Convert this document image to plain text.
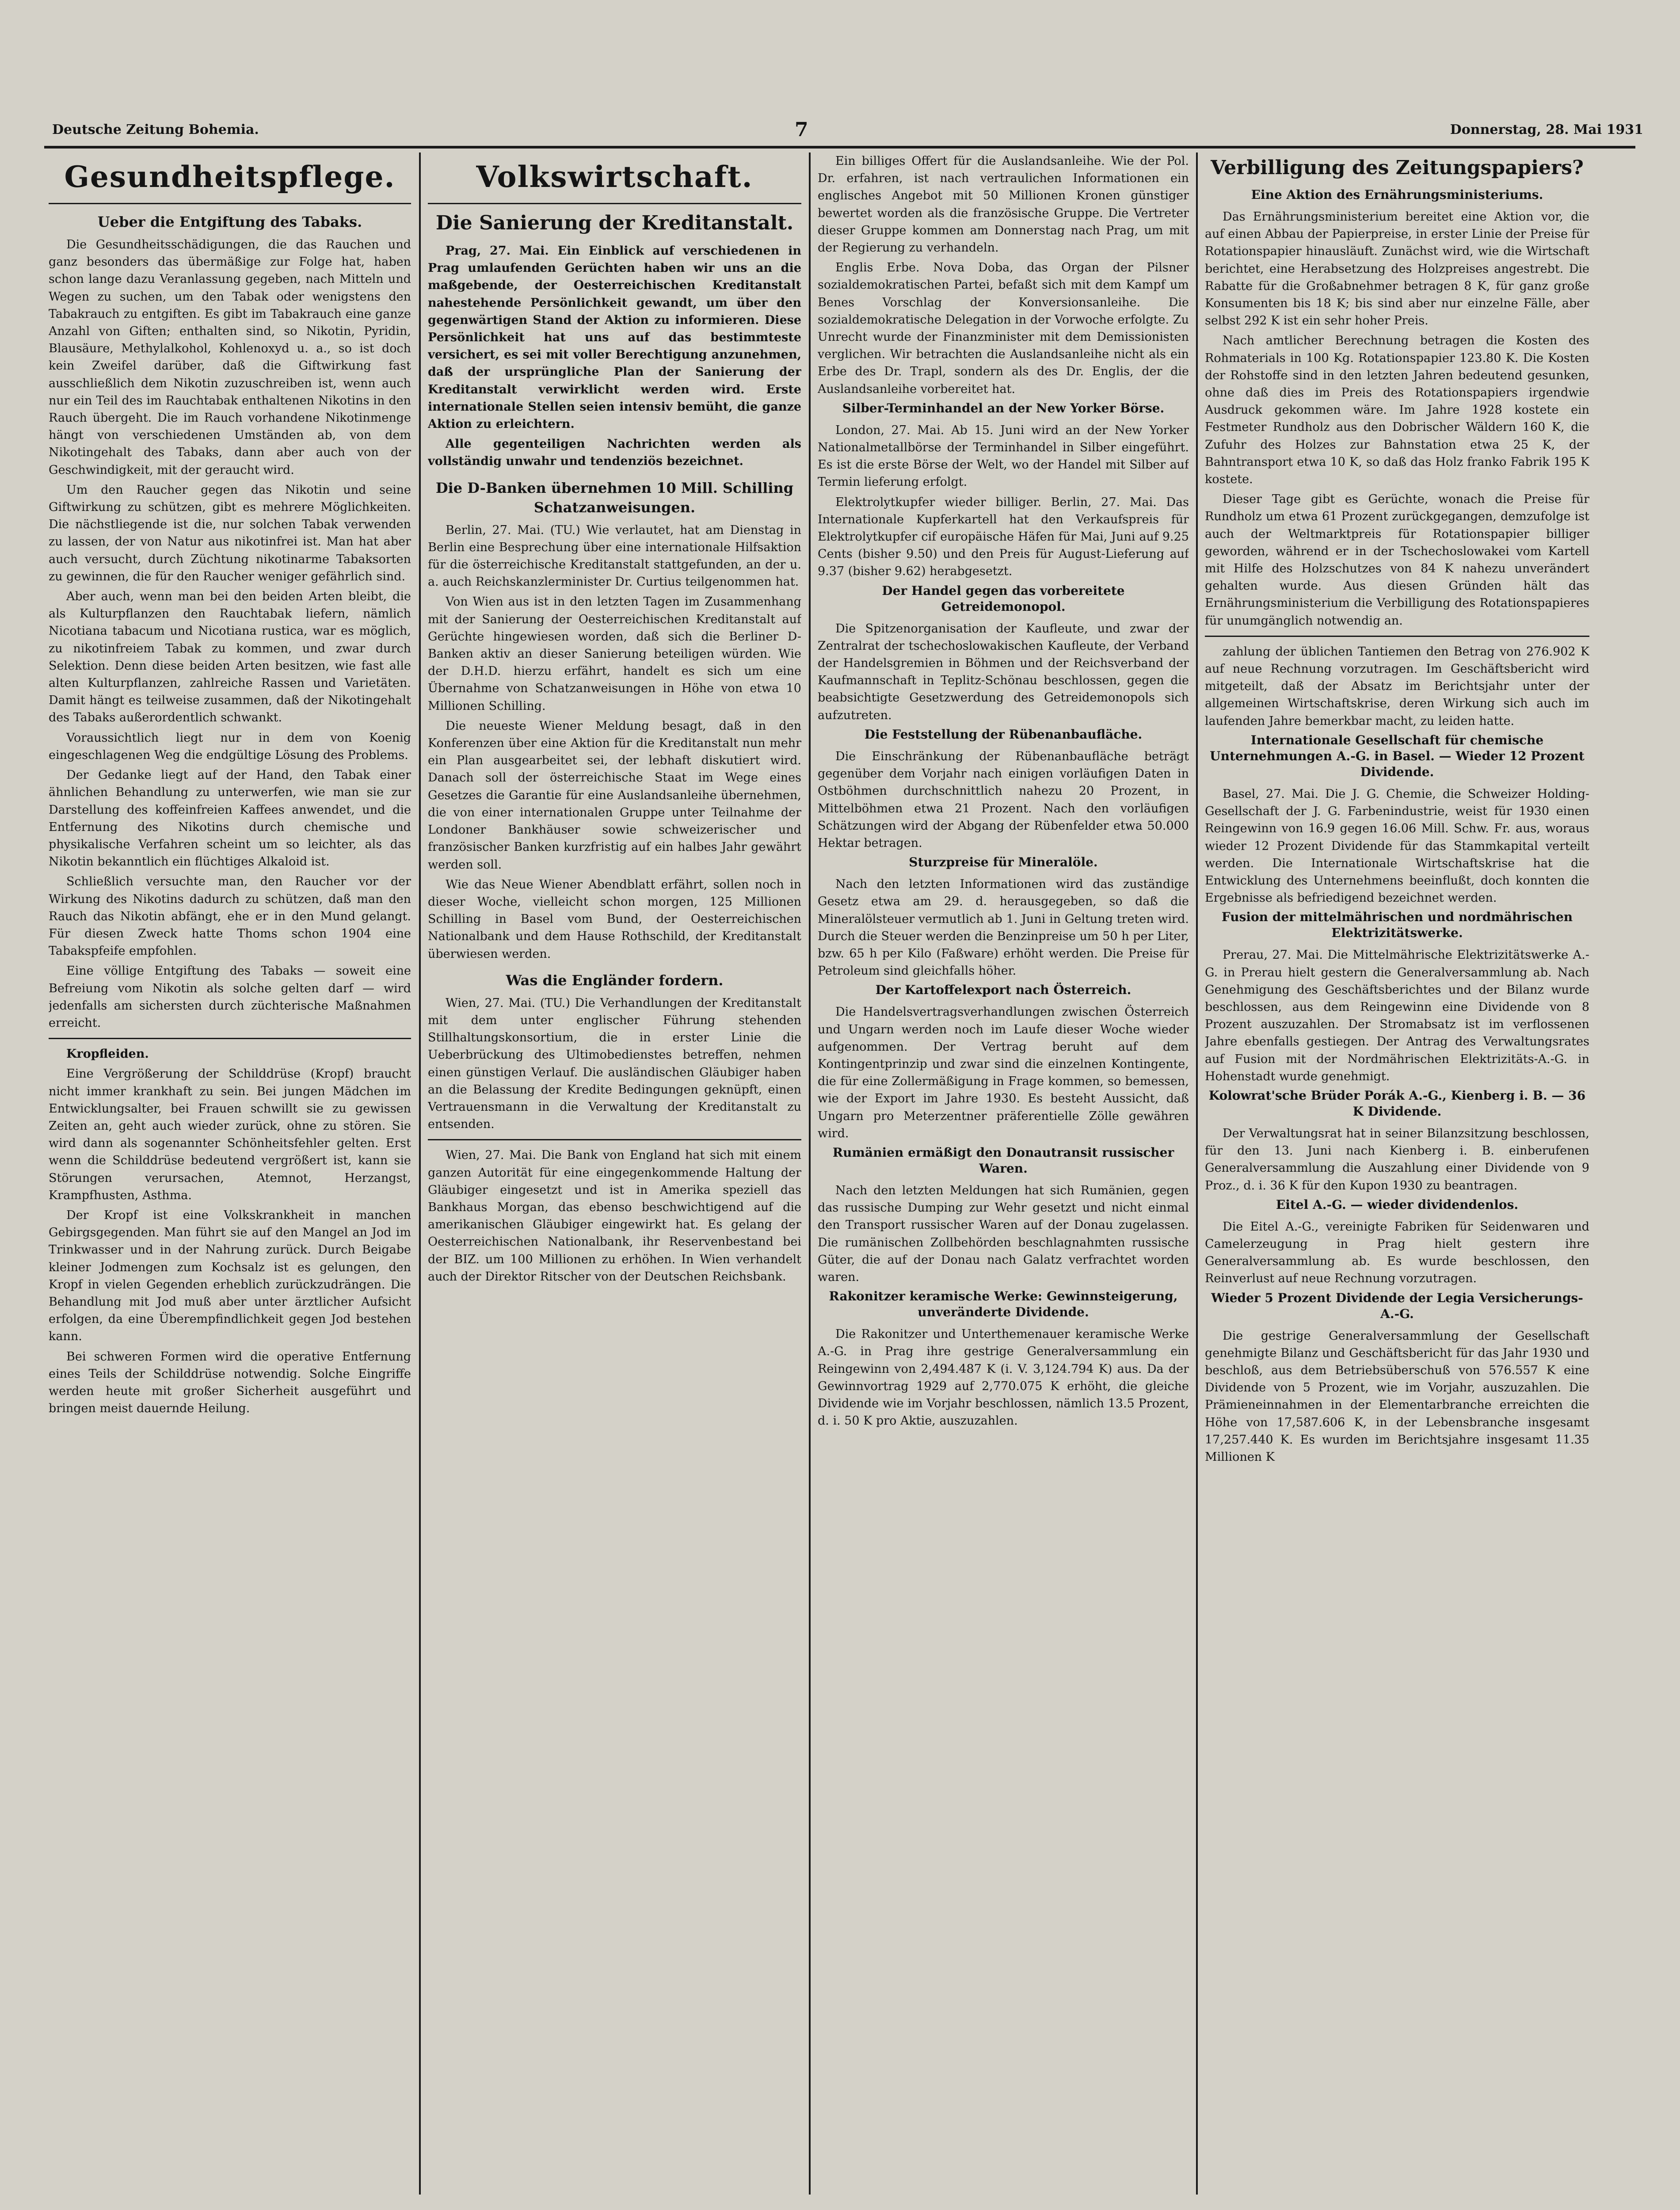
Deutsche Zeitung Bohemia.	7	Donnerstag, 28. Mai 1931
Gesundheitspflege.
Ueber die Entgiftung des Tabaks.

Die Gesundheitsschädigungen, die das Rauchen und ganz besonders das übermäßige zur Folge hat, haben schon lange dazu Veranlassung gegeben, nach Mitteln und Wegen zu suchen, um den Tabak oder wenigstens den Tabakrauch zu entgiften. Es gibt im Tabakrauch eine ganze Anzahl von Giften; enthalten sind, so Nikotin, Pyridin, Blausäure, Methylalkohol, Kohlenoxyd u. a., so ist doch kein Zweifel darüber, daß die Giftwirkung fast ausschließlich dem Nikotin zuzuschreiben ist, wenn auch nur ein Teil des im Rauchtabak enthaltenen Nikotins in den Rauch übergeht. Die im Rauch vorhandene Nikotinmenge hängt von verschiedenen Umständen ab, von dem Nikotingehalt des Tabaks, dann aber auch von der Geschwindigkeit, mit der geraucht wird.

Um den Raucher gegen das Nikotin und seine Giftwirkung zu schützen, gibt es mehrere Möglichkeiten. Die nächstliegende ist die, nur solchen Tabak verwenden zu lassen, der von Natur aus nikotinfrei ist. Man hat aber auch versucht, durch Züchtung nikotinarme Tabaksorten zu gewinnen, die für den Raucher weniger gefährlich sind.

Aber auch, wenn man bei den beiden Arten bleibt, die als Kulturpflanzen den Rauchtabak liefern, nämlich Nicotiana tabacum und Nicotiana rustica, war es möglich, zu nikotinfreiem Tabak zu kommen, und zwar durch Selektion. Denn diese beiden Arten besitzen, wie fast alle alten Kulturpflanzen, zahlreiche Rassen und Varietäten. Damit hängt es teilweise zusammen, daß der Nikotingehalt des Tabaks außerordentlich schwankt.

Voraussichtlich liegt nur in dem von Koenig eingeschlagenen Weg die endgültige Lösung des Problems.

Der Gedanke liegt auf der Hand, den Tabak einer ähnlichen Behandlung zu unterwerfen, wie man sie zur Darstellung des koffeinfreien Kaffees anwendet, und die Entfernung des Nikotins durch chemische und physikalische Verfahren scheint um so leichter, als das Nikotin bekanntlich ein flüchtiges Alkaloid ist.

Schließlich versuchte man, den Raucher vor der Wirkung des Nikotins dadurch zu schützen, daß man den Rauch das Nikotin abfängt, ehe er in den Mund gelangt. Für diesen Zweck hatte Thoms schon 1904 eine Tabakspfeife empfohlen.

Eine völlige Entgiftung des Tabaks — soweit eine Befreiung vom Nikotin als solche gelten darf — wird jedenfalls am sichersten durch züchterische Maßnahmen erreicht.

Kropfleiden.

Eine Vergrößerung der Schilddrüse (Kropf) braucht nicht immer krankhaft zu sein. Bei jungen Mädchen im Entwicklungsalter, bei Frauen schwillt sie zu gewissen Zeiten an, geht auch wieder zurück, ohne zu stören. Sie wird dann als sogenannter Schönheitsfehler gelten. Erst wenn die Schilddrüse bedeutend vergrößert ist, kann sie Störungen verursachen, Atemnot, Herzangst, Krampfhusten, Asthma.

Der Kropf ist eine Volkskrankheit in manchen Gebirgsgegenden. Man führt sie auf den Mangel an Jod im Trinkwasser und in der Nahrung zurück. Durch Beigabe kleiner Jodmengen zum Kochsalz ist es gelungen, den Kropf in vielen Gegenden erheblich zurückzudrängen. Die Behandlung mit Jod muß aber unter ärztlicher Aufsicht erfolgen, da eine Überempfindlichkeit gegen Jod bestehen kann.

Bei schweren Formen wird die operative Entfernung eines Teils der Schilddrüse notwendig. Solche Eingriffe werden heute mit großer Sicherheit ausgeführt und bringen meist dauernde Heilung.

Volkswirtschaft.
Die Sanierung der Kreditanstalt.

Prag, 27. Mai. Ein Einblick auf verschiedenen in Prag umlaufenden Gerüchten haben wir uns an die maßgebende, der Oesterreichischen Kreditanstalt nahestehende Persönlichkeit gewandt, um über den gegenwärtigen Stand der Aktion zu informieren. Diese Persönlichkeit hat uns auf das bestimmteste versichert, es sei mit voller Berechtigung anzunehmen, daß der ursprüngliche Plan der Sanierung der Kreditanstalt verwirklicht werden wird. Erste internationale Stellen seien intensiv bemüht, die ganze Aktion zu erleichtern.

Alle gegenteiligen Nachrichten werden als vollständig unwahr und tendenziös bezeichnet.

Die D-Banken übernehmen 10 Mill. Schilling Schatzanweisungen.

Berlin, 27. Mai. (TU.) Wie verlautet, hat am Dienstag in Berlin eine Besprechung über eine internationale Hilfsaktion für die österreichische Kreditanstalt stattgefunden, an der u. a. auch Reichskanzlerminister Dr. Curtius teilgenommen hat.

Von Wien aus ist in den letzten Tagen im Zusammenhang mit der Sanierung der Oesterreichischen Kreditanstalt auf Gerüchte hingewiesen worden, daß sich die Berliner D-Banken aktiv an dieser Sanierung beteiligen würden. Wie der D.H.D. hierzu erfährt, handelt es sich um eine Übernahme von Schatzanweisungen in Höhe von etwa 10 Millionen Schilling.

Die neueste Wiener Meldung besagt, daß in den Konferenzen über eine Aktion für die Kreditanstalt nun mehr ein Plan ausgearbeitet sei, der lebhaft diskutiert wird. Danach soll der österreichische Staat im Wege eines Gesetzes die Garantie für eine Auslandsanleihe übernehmen, die von einer internationalen Gruppe unter Teilnahme der Londoner Bankhäuser sowie schweizerischer und französischer Banken kurzfristig auf ein halbes Jahr gewährt werden soll.

Wie das Neue Wiener Abendblatt erfährt, sollen noch in dieser Woche, vielleicht schon morgen, 125 Millionen Schilling in Basel vom Bund, der Oesterreichischen Nationalbank und dem Hause Rothschild, der Kreditanstalt überwiesen werden.

Was die Engländer fordern.

Wien, 27. Mai. (TU.) Die Verhandlungen der Kreditanstalt mit dem unter englischer Führung stehenden Stillhaltungskonsortium, die in erster Linie die Ueberbrückung des Ultimobedienstes betreffen, nehmen einen günstigen Verlauf. Die ausländischen Gläubiger haben an die Belassung der Kredite Bedingungen geknüpft, einen Vertrauensmann in die Verwaltung der Kreditanstalt zu entsenden.

Wien, 27. Mai. Die Bank von England hat sich mit einem ganzen Autorität für eine eingegenkommende Haltung der Gläubiger eingesetzt und ist in Amerika speziell das Bankhaus Morgan, das ebenso beschwichtigend auf die amerikanischen Gläubiger eingewirkt hat. Es gelang der Oesterreichischen Nationalbank, ihr Reservenbestand bei der BIZ. um 100 Millionen zu erhöhen. In Wien verhandelt auch der Direktor Ritscher von der Deutschen Reichsbank.

Ein billiges Offert für die Auslandsanleihe. Wie der Pol. Dr. erfahren, ist nach vertraulichen Informationen ein englisches Angebot mit 50 Millionen Kronen günstiger bewertet worden als die französische Gruppe. Die Vertreter dieser Gruppe kommen am Donnerstag nach Prag, um mit der Regierung zu verhandeln.

Englis Erbe. Nova Doba, das Organ der Pilsner sozialdemokratischen Partei, befaßt sich mit dem Kampf um Benes Vorschlag der Konversionsanleihe. Die sozialdemokratische Delegation in der Vorwoche erfolgte. Zu Unrecht wurde der Finanzminister mit dem Demissionisten verglichen. Wir betrachten die Auslandsanleihe nicht als ein Erbe des Dr. Trapl, sondern als des Dr. Englis, der die Auslandsanleihe vorbereitet hat.

Silber-Terminhandel an der New Yorker Börse.

London, 27. Mai. Ab 15. Juni wird an der New Yorker Nationalmetallbörse der Terminhandel in Silber eingeführt. Es ist die erste Börse der Welt, wo der Handel mit Silber auf Termin lieferung erfolgt.

Elektrolytkupfer wieder billiger. Berlin, 27. Mai. Das Internationale Kupferkartell hat den Verkaufspreis für Elektrolytkupfer cif europäische Häfen für Mai, Juni auf 9.25 Cents (bisher 9.50) und den Preis für August-Lieferung auf 9.37 (bisher 9.62) herabgesetzt.

Der Handel gegen das vorbereitete Getreidemonopol.

Die Spitzenorganisation der Kaufleute, und zwar der Zentralrat der tschechoslowakischen Kaufleute, der Verband der Handelsgremien in Böhmen und der Reichsverband der Kaufmannschaft in Teplitz-Schönau beschlossen, gegen die beabsichtigte Gesetzwerdung des Getreidemonopols sich aufzutreten.

Die Feststellung der Rübenanbaufläche.

Die Einschränkung der Rübenanbaufläche beträgt gegenüber dem Vorjahr nach einigen vorläufigen Daten in Ostböhmen durchschnittlich nahezu 20 Prozent, in Mittelböhmen etwa 21 Prozent. Nach den vorläufigen Schätzungen wird der Abgang der Rübenfelder etwa 50.000 Hektar betragen.

Sturzpreise für Mineralöle.

Nach den letzten Informationen wird das zuständige Gesetz etwa am 29. d. herausgegeben, so daß die Mineralölsteuer vermutlich ab 1. Juni in Geltung treten wird. Durch die Steuer werden die Benzinpreise um 50 h per Liter, bzw. 65 h per Kilo (Faßware) erhöht werden. Die Preise für Petroleum sind gleichfalls höher.

Der Kartoffelexport nach Österreich.

Die Handelsvertragsverhandlungen zwischen Österreich und Ungarn werden noch im Laufe dieser Woche wieder aufgenommen. Der Vertrag beruht auf dem Kontingentprinzip und zwar sind die einzelnen Kontingente, die für eine Zollermäßigung in Frage kommen, so bemessen, wie der Export im Jahre 1930. Es besteht Aussicht, daß Ungarn pro Meterzentner präferentielle Zölle gewähren wird.

Rumänien ermäßigt den Donautransit russischer Waren.

Nach den letzten Meldungen hat sich Rumänien, gegen das russische Dumping zur Wehr gesetzt und nicht einmal den Transport russischer Waren auf der Donau zugelassen. Die rumänischen Zollbehörden beschlagnahmten russische Güter, die auf der Donau nach Galatz verfrachtet worden waren.

Rakonitzer keramische Werke: Gewinnsteigerung, unveränderte Dividende.

Die Rakonitzer und Unterthemenauer keramische Werke A.-G. in Prag ihre gestrige Generalversammlung ein Reingewinn von 2,494.487 K (i. V. 3,124.794 K) aus. Da der Gewinnvortrag 1929 auf 2,770.075 K erhöht, die gleiche Dividende wie im Vorjahr beschlossen, nämlich 13.5 Prozent, d. i. 50 K pro Aktie, auszuzahlen.

Verbilligung des Zeitungspapiers?
Eine Aktion des Ernährungsministeriums.

Das Ernährungsministerium bereitet eine Aktion vor, die auf einen Abbau der Papierpreise, in erster Linie der Preise für Rotationspapier hinausläuft. Zunächst wird, wie die Wirtschaft berichtet, eine Herabsetzung des Holzpreises angestrebt. Die Rabatte für die Großabnehmer betragen 8 K, für ganz große Konsumenten bis 18 K; bis sind aber nur einzelne Fälle, aber selbst 292 K ist ein sehr hoher Preis.

Nach amtlicher Berechnung betragen die Kosten des Rohmaterials in 100 Kg. Rotationspapier 123.80 K. Die Kosten der Rohstoffe sind in den letzten Jahren bedeutend gesunken, ohne daß dies im Preis des Rotationspapiers irgendwie Ausdruck gekommen wäre. Im Jahre 1928 kostete ein Festmeter Rundholz aus den Dobrischer Wäldern 160 K, die Zufuhr des Holzes zur Bahnstation etwa 25 K, der Bahntransport etwa 10 K, so daß das Holz franko Fabrik 195 K kostete.

Dieser Tage gibt es Gerüchte, wonach die Preise für Rundholz um etwa 61 Prozent zurückgegangen, demzufolge ist auch der Weltmarktpreis für Rotationspapier billiger geworden, während er in der Tschechoslowakei vom Kartell mit Hilfe des Holzschutzes von 84 K nahezu unverändert gehalten wurde. Aus diesen Gründen hält das Ernährungsministerium die Verbilligung des Rotationspapieres für unumgänglich notwendig an.

zahlung der üblichen Tantiemen den Betrag von 276.902 K auf neue Rechnung vorzutragen. Im Geschäftsbericht wird mitgeteilt, daß der Absatz im Berichtsjahr unter der allgemeinen Wirtschaftskrise, deren Wirkung sich auch im laufenden Jahre bemerkbar macht, zu leiden hatte.

Internationale Gesellschaft für chemische Unternehmungen A.-G. in Basel. — Wieder 12 Prozent Dividende.

Basel, 27. Mai. Die J. G. Chemie, die Schweizer Holding-Gesellschaft der J. G. Farbenindustrie, weist für 1930 einen Reingewinn von 16.9 gegen 16.06 Mill. Schw. Fr. aus, woraus wieder 12 Prozent Dividende für das Stammkapital verteilt werden. Die Internationale Wirtschaftskrise hat die Entwicklung des Unternehmens beeinflußt, doch konnten die Ergebnisse als befriedigend bezeichnet werden.

Fusion der mittelmährischen und nordmährischen Elektrizitätswerke.

Prerau, 27. Mai. Die Mittelmährische Elektrizitätswerke A.-G. in Prerau hielt gestern die Generalversammlung ab. Nach Genehmigung des Geschäftsberichtes und der Bilanz wurde beschlossen, aus dem Reingewinn eine Dividende von 8 Prozent auszuzahlen. Der Stromabsatz ist im verflossenen Jahre ebenfalls gestiegen. Der Antrag des Verwaltungsrates auf Fusion mit der Nordmährischen Elektrizitäts-A.-G. in Hohenstadt wurde genehmigt.

Kolowrat'sche Brüder Porák A.-G., Kienberg i. B. — 36 K Dividende.

Der Verwaltungsrat hat in seiner Bilanzsitzung beschlossen, für den 13. Juni nach Kienberg i. B. einberufenen Generalversammlung die Auszahlung einer Dividende von 9 Proz., d. i. 36 K für den Kupon 1930 zu beantragen.

Eitel A.-G. — wieder dividendenlos.

Die Eitel A.-G., vereinigte Fabriken für Seidenwaren und Camelerzeugung in Prag hielt gestern ihre Generalversammlung ab. Es wurde beschlossen, den Reinverlust auf neue Rechnung vorzutragen.

Wieder 5 Prozent Dividende der Legia Versicherungs-A.-G.

Die gestrige Generalversammlung der Gesellschaft genehmigte Bilanz und Geschäftsbericht für das Jahr 1930 und beschloß, aus dem Betriebsüberschuß von 576.557 K eine Dividende von 5 Prozent, wie im Vorjahr, auszuzahlen. Die Prämieneinnahmen in der Elementarbranche erreichten die Höhe von 17,587.606 K, in der Lebensbranche insgesamt 17,257.440 K. Es wurden im Berichtsjahre insgesamt 11.35 Millionen K
